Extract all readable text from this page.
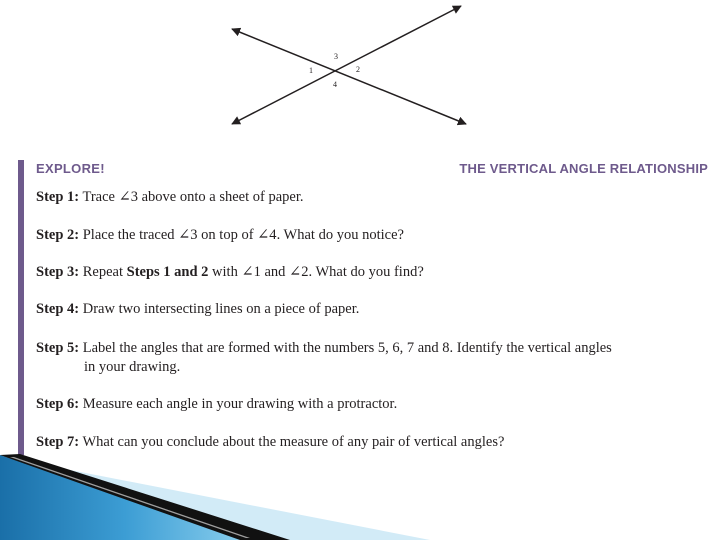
1	2
3
4
EXPLORE!	THE VERTICAL ANGLE RELATIONSHIP
Step 1: Trace ∠3 above onto a sheet of paper.
Step 2: Place the traced ∠3 on top of ∠4. What do you notice?
Step 3: Repeat Steps 1 and 2 with ∠1 and ∠2. What do you find?
Step 4: Draw two intersecting lines on a piece of paper.
Step 5: Label the angles that are formed with the numbers 5, 6, 7 and 8. Identify the vertical angles
in your drawing.
Step 6: Measure each angle in your drawing with a protractor.
Step 7: What can you conclude about the measure of any pair of vertical angles?
